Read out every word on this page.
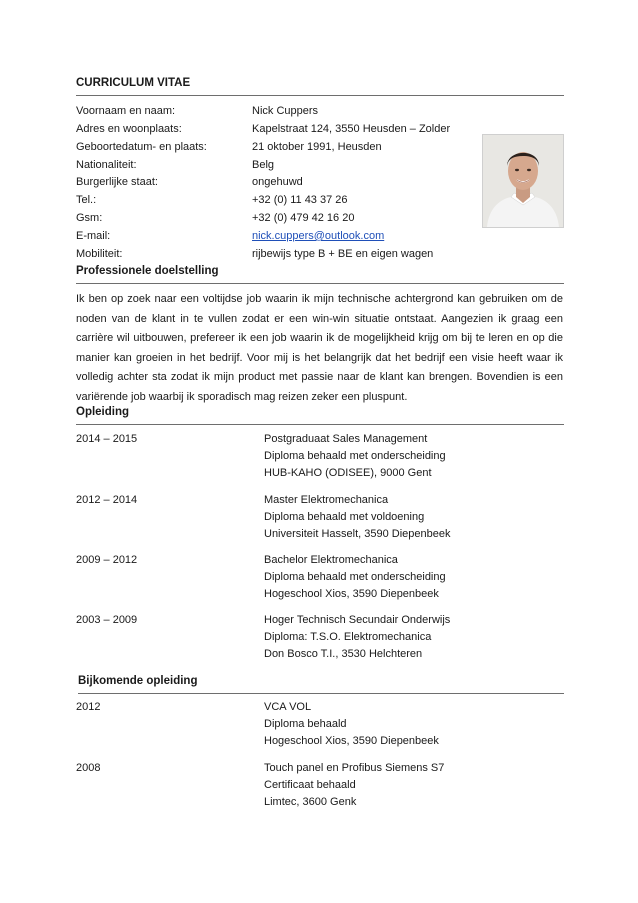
CURRICULUM VITAE
Voornaam en naam:	Nick Cuppers
Adres en woonplaats:	Kapelstraat 124, 3550 Heusden – Zolder
Geboortedatum- en plaats:	21 oktober 1991, Heusden
Nationaliteit:	Belg
Burgerlijke staat:	ongehuwd
Tel.:	+32 (0) 11 43 37 26
Gsm:	+32 (0) 479 42 16 20
E-mail:	nick.cuppers@outlook.com
Mobiliteit:	rijbewijs type B + BE en eigen wagen
Professionele doelstelling

Ik ben op zoek naar een voltijdse job waarin ik mijn technische achtergrond kan gebruiken om de noden van de klant in te vullen zodat er een win-win situatie ontstaat. Aangezien ik graag een carrière wil uitbouwen, prefereer ik een job waarin ik de mogelijkheid krijg om bij te leren en op die manier kan groeien in het bedrijf. Voor mij is het belangrijk dat het bedrijf een visie heeft waar ik volledig achter sta zodat ik mijn product met passie naar de klant kan brengen. Bovendien is een variërende job waarbij ik sporadisch mag reizen zeker een pluspunt.

Opleiding
2014 – 2015	Postgraduaat Sales Management
Diploma behaald met onderscheiding
HUB-KAHO (ODISEE), 9000 Gent
2012 – 2014	Master Elektromechanica
Diploma behaald met voldoening
Universiteit Hasselt, 3590 Diepenbeek
2009 – 2012	Bachelor Elektromechanica
Diploma behaald met onderscheiding
Hogeschool Xios, 3590 Diepenbeek
2003 – 2009	Hoger Technisch Secundair Onderwijs
Diploma: T.S.O. Elektromechanica
Don Bosco T.I., 3530 Helchteren
Bijkomende opleiding
2012	VCA VOL
Diploma behaald
Hogeschool Xios, 3590 Diepenbeek
2008	Touch panel en Profibus Siemens S7
Certificaat behaald
Limtec, 3600 Genk
